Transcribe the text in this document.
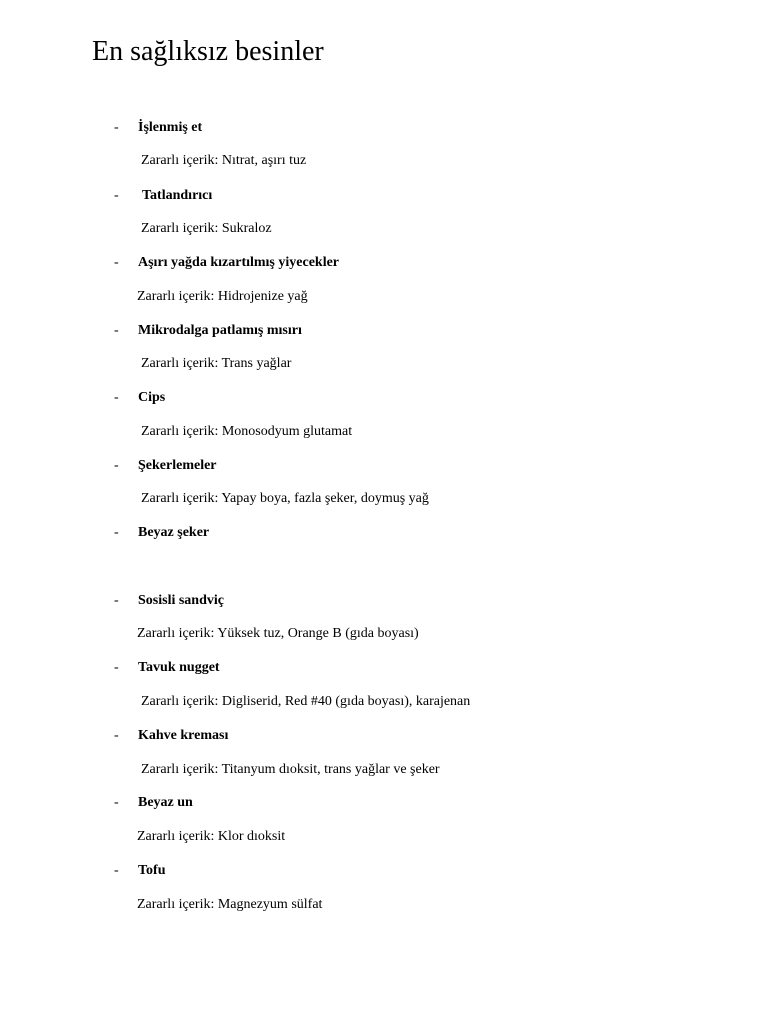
En sağlıksız besinler
-	İşlenmiş et
Zararlı içerik: Nıtrat, aşırı tuz
-	Tatlandırıcı
Zararlı içerik: Sukraloz
-	Aşırı yağda kızartılmış yiyecekler
Zararlı içerik: Hidrojenize yağ
-	Mikrodalga patlamış mısırı
Zararlı içerik: Trans yağlar
-	Cips
Zararlı içerik: Monosodyum glutamat
-	Şekerlemeler
Zararlı içerik: Yapay boya, fazla şeker, doymuş yağ
-	Beyaz şeker
-	Sosisli sandviç
Zararlı içerik: Yüksek tuz, Orange B (gıda boyası)
-	Tavuk nugget
Zararlı içerik: Digliserid, Red #40 (gıda boyası), karajenan
-	Kahve kreması
Zararlı içerik: Titanyum dıoksit, trans yağlar ve şeker
-	Beyaz un
Zararlı içerik: Klor dıoksit
-	Tofu
Zararlı içerik: Magnezyum sülfat
